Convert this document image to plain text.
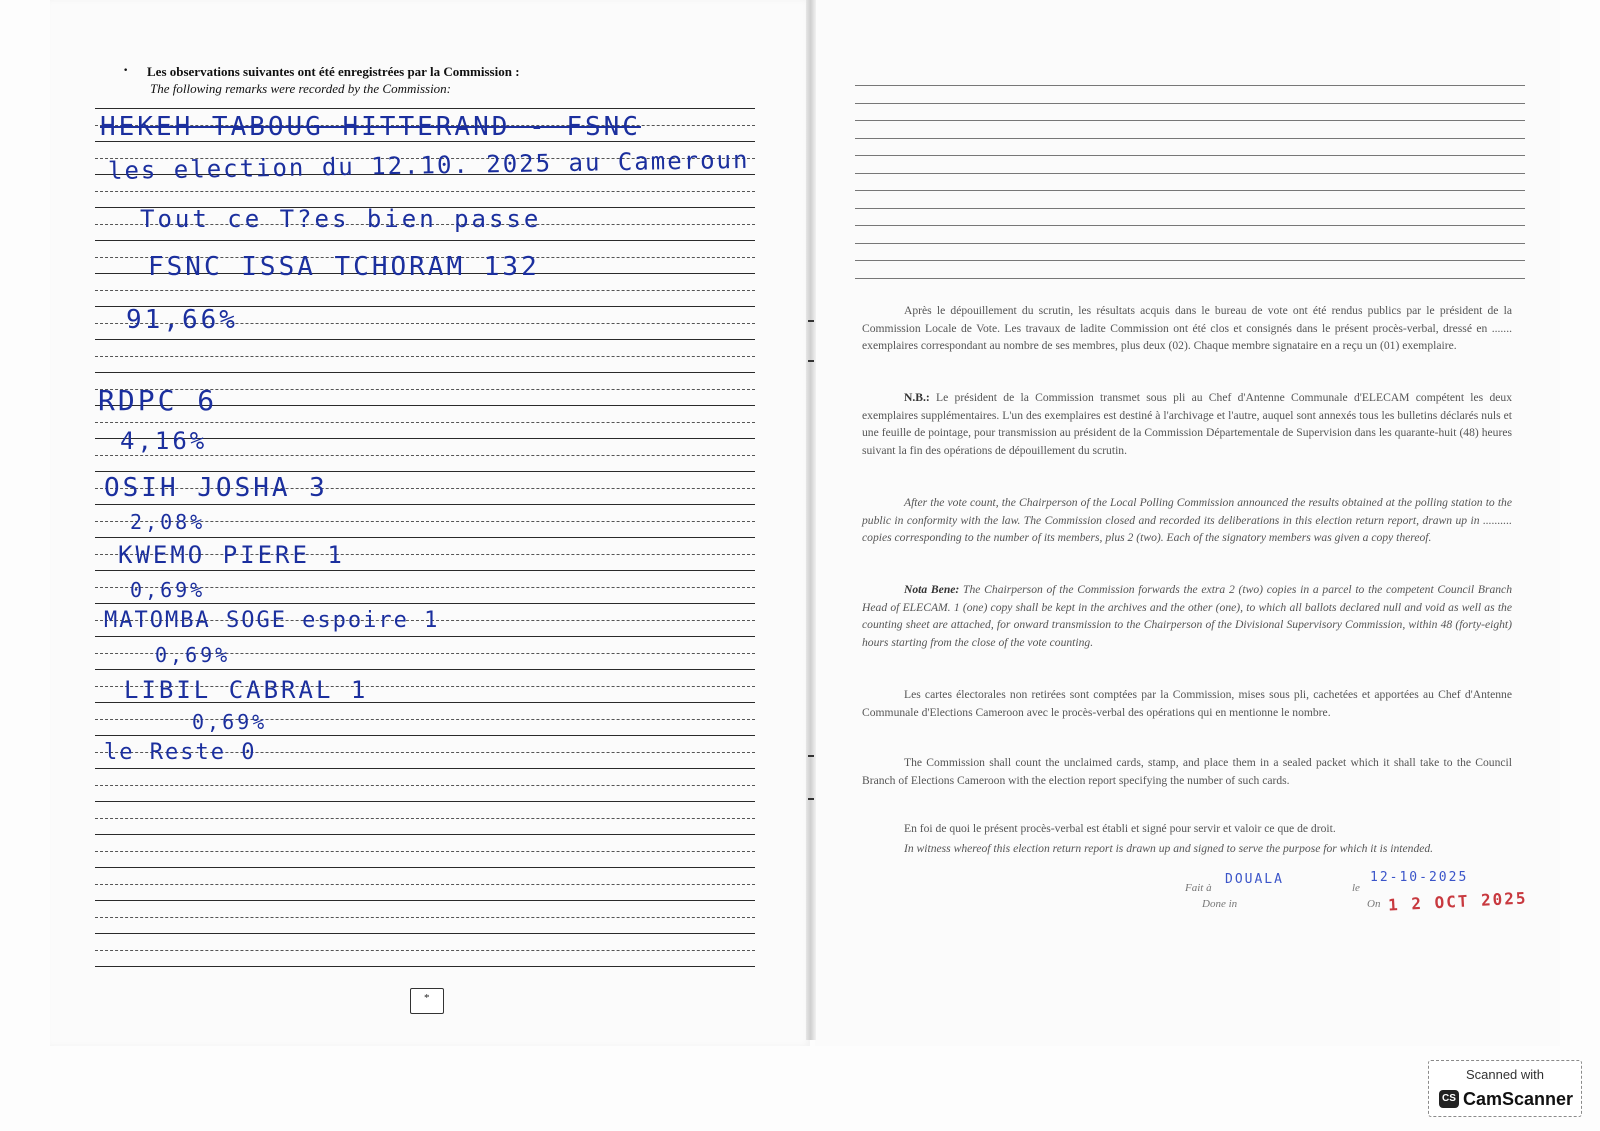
· Les observations suivantes ont été enregistrées par la Commission :
The following remarks were recorded by the Commission:
HEKEH TABOUG HITTERAND - FSNC
les election du 12.10. 2025 au Cameroun
Tout ce T?es bien passe
FSNC ISSA TCHORAM 132
91,66%
RDPC 6
4,16%
OSIH JOSHA 3
2,08%
KWEMO PIERE 1
0,69%
MATOMBA SOGE espoire 1
0,69%
LIBIL CABRAL 1
0,69%
le Reste 0
*
Après le dépouillement du scrutin, les résultats acquis dans le bureau de vote ont été rendus publics par le président de la Commission Locale de Vote. Les travaux de ladite Commission ont été clos et consignés dans le présent procès-verbal, dressé en ....... exemplaires correspondant au nombre de ses membres, plus deux (02). Chaque membre signataire en a reçu un (01) exemplaire.
N.B.: Le président de la Commission transmet sous pli au Chef d'Antenne Communale d'ELECAM compétent les deux exemplaires supplémentaires. L'un des exemplaires est destiné à l'archivage et l'autre, auquel sont annexés tous les bulletins déclarés nuls et une feuille de pointage, pour transmission au président de la Commission Départementale de Supervision dans les quarante-huit (48) heures suivant la fin des opérations de dépouillement du scrutin.
After the vote count, the Chairperson of the Local Polling Commission announced the results obtained at the polling station to the public in conformity with the law. The Commission closed and recorded its deliberations in this election return report, drawn up in .......... copies corresponding to the number of its members, plus 2 (two). Each of the signatory members was given a copy thereof.
Nota Bene: The Chairperson of the Commission forwards the extra 2 (two) copies in a parcel to the competent Council Branch Head of ELECAM. 1 (one) copy shall be kept in the archives and the other (one), to which all ballots declared null and void as well as the counting sheet are attached, for onward transmission to the Chairperson of the Divisional Supervisory Commission, within 48 (forty-eight) hours starting from the close of the vote counting.
Les cartes électorales non retirées sont comptées par la Commission, mises sous pli, cachetées et apportées au Chef d'Antenne Communale d'Elections Cameroon avec le procès-verbal des opérations qui en mentionne le nombre.
The Commission shall count the unclaimed cards, stamp, and place them in a sealed packet which it shall take to the Council Branch of Elections Cameroon with the election report specifying the number of such cards.
En foi de quoi le présent procès-verbal est établi et signé pour servir et valoir ce que de droit.
In witness whereof this election return report is drawn up and signed to serve the purpose for which it is intended.
Fait à
Done in
DOUALA
le
On
12-10-2025
1 2 OCT 2025
Scanned with
CS CamScanner
